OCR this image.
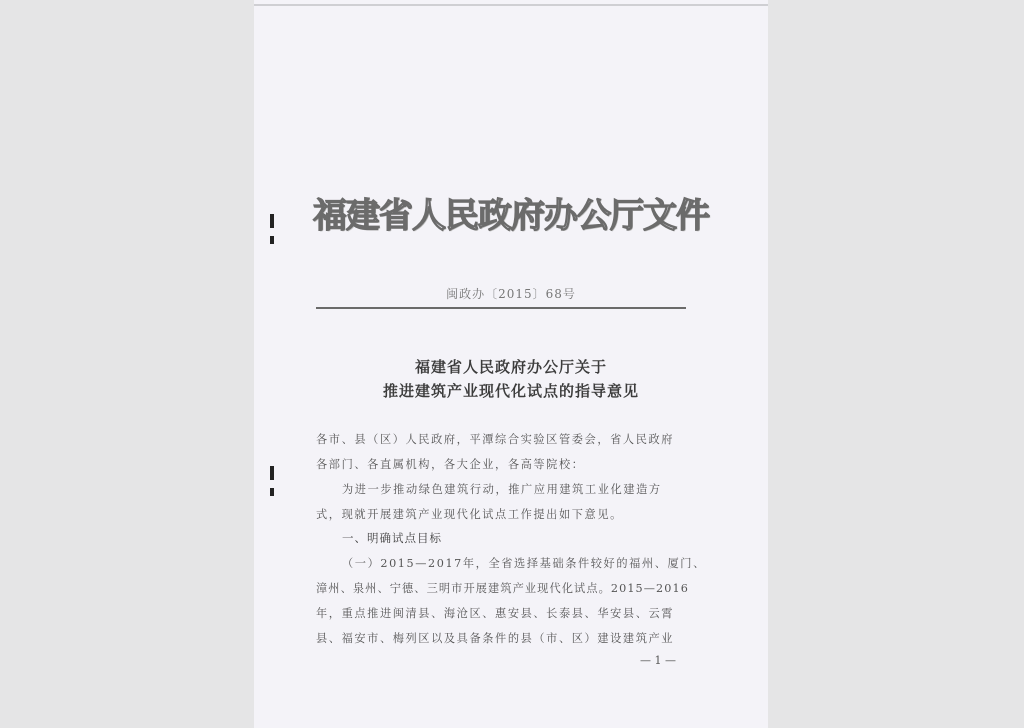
福建省人民政府办公厅文件
闽政办〔2015〕68号
福建省人民政府办公厅关于
推进建筑产业现代化试点的指导意见
各市、县（区）人民政府，平潭综合实验区管委会，省人民政府
各部门、各直属机构，各大企业，各高等院校：
为进一步推动绿色建筑行动，推广应用建筑工业化建造方
式，现就开展建筑产业现代化试点工作提出如下意见。
一、明确试点目标
（一）2015—2017年，全省选择基础条件较好的福州、厦门、
漳州、泉州、宁德、三明市开展建筑产业现代化试点。2015—2016
年，重点推进闽清县、海沧区、惠安县、长泰县、华安县、云霄
县、福安市、梅列区以及具备条件的县（市、区）建设建筑产业
— 1 —
